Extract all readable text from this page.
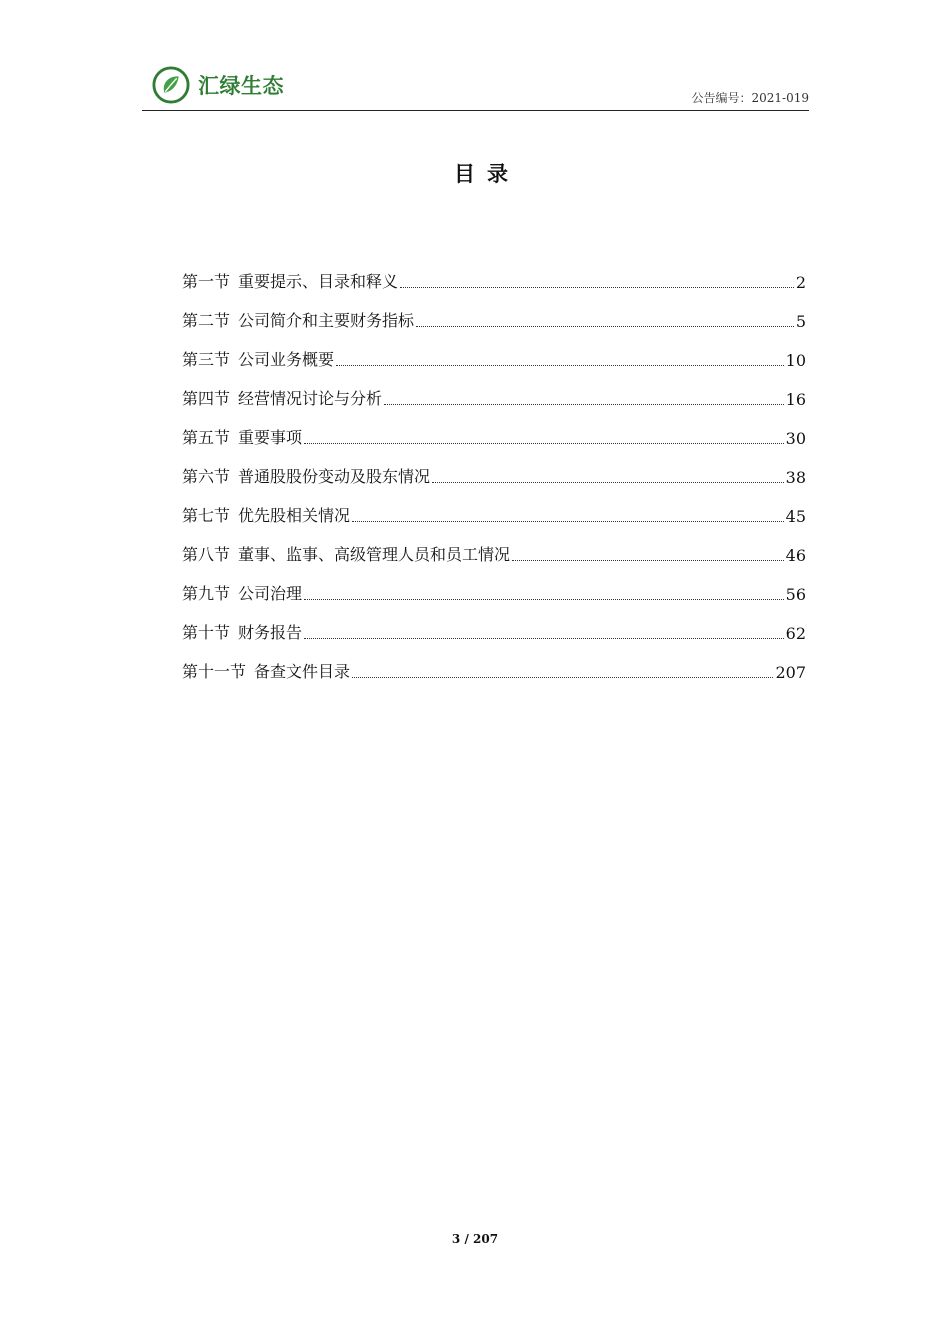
汇绿生态	公告编号：2021-019
目录
第一节 重要提示、目录和释义	2
第二节 公司简介和主要财务指标	5
第三节 公司业务概要	10
第四节 经营情况讨论与分析	16
第五节 重要事项	30
第六节 普通股股份变动及股东情况	38
第七节 优先股相关情况	45
第八节 董事、监事、高级管理人员和员工情况	46
第九节 公司治理	56
第十节 财务报告	62
第十一节 备查文件目录	207
3 / 207
